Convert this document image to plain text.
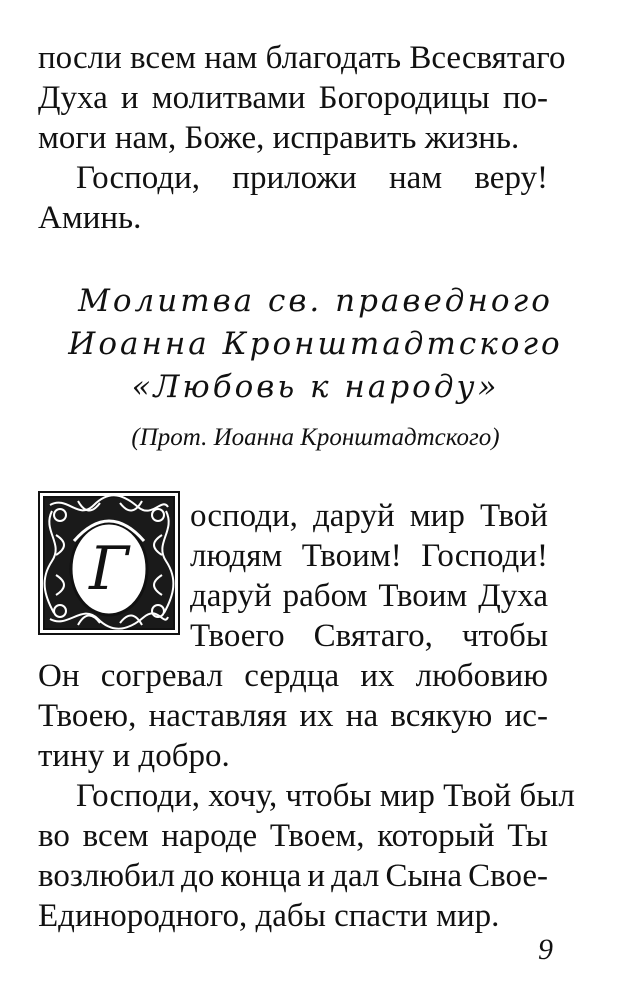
посли всем нам благодать Всесвятаго

Духа и молитвами Богородицы по-

моги нам, Боже, исправить жизнь.

Господи, приложи нам веру!

Аминь.

Молитва св. праведного
Иоанна Кронштадтского
«Любовь к народу»
(Прот. Иоанна Кронштадтского)
Г

осподи, даруй мир Твой

людям Твоим! Господи!

даруй рабом Твоим Духа

Твоего Святаго, чтобы

Он согревал сердца их любовию

Твоею, наставляя их на всякую ис-

тину и добро.

Господи, хочу, чтобы мир Твой был

во всем народе Твоем, который Ты

возлюбил до конца и дал Сына Свое-

Единородного, дабы спасти мир.

9
